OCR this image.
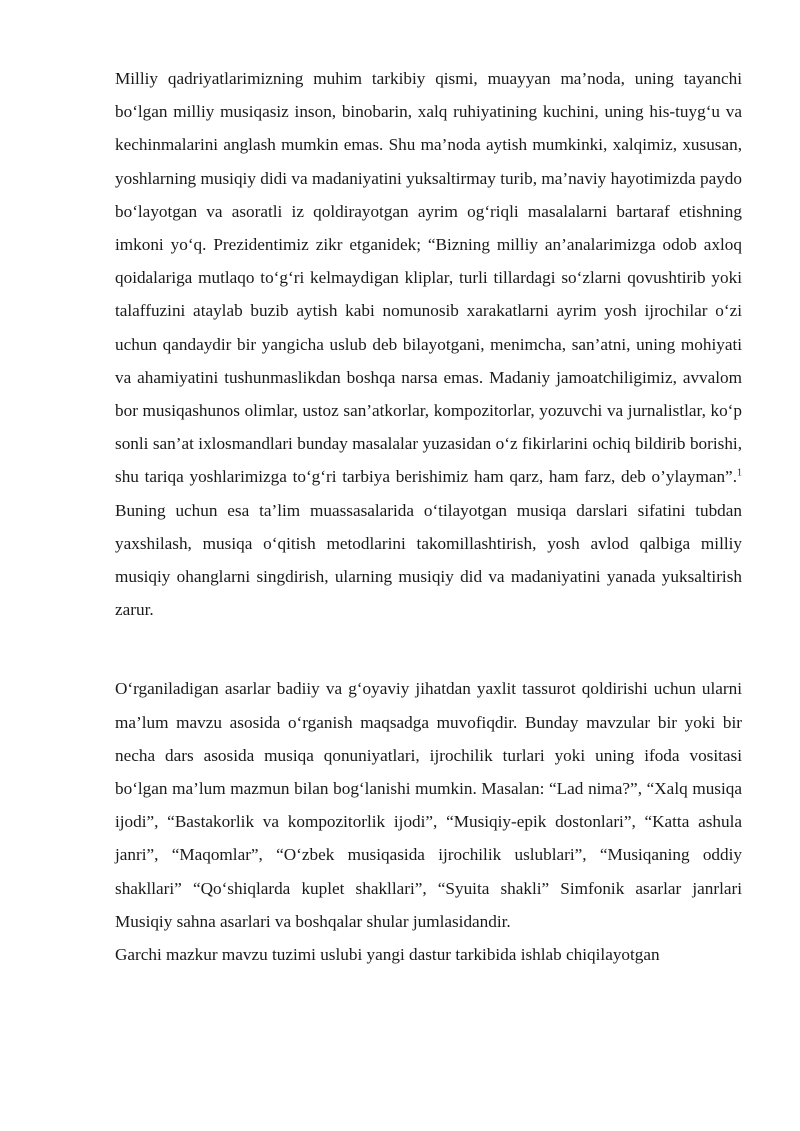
Milliy qadriyatlarimizning muhim tarkibiy qismi, muayyan ma’noda, uning tayanchi bo‘lgan milliy musiqasiz inson, binobarin, xalq ruhiyatining kuchini, uning his-tuyg‘u va kechinmalarini anglash mumkin emas. Shu ma’noda aytish mumkinki, xalqimiz, xususan, yoshlarning musiqiy didi va madaniyatini yuksaltirmay turib, ma’naviy hayotimizda paydo bo‘layotgan va asoratli iz qoldirayotgan ayrim og‘riqli masalalarni bartaraf etishning imkoni yo‘q. Prezidentimiz zikr etganidek; “Bizning milliy an’analarimizga odob axloq qoidalariga mutlaqo to‘g‘ri kelmaydigan kliplar, turli tillardagi so‘zlarni qovushtirib yoki talaffuzini ataylab buzib aytish kabi nomunosib xarakatlarni ayrim yosh ijrochilar o‘zi uchun qandaydir bir yangicha uslub deb bilayotgani, menimcha, san’atni, uning mohiyati va ahamiyatini tushunmaslikdan boshqa narsa emas. Madaniy jamoatchiligimiz, avvalom bor musiqashunos olimlar, ustoz san’atkorlar, kompozitorlar, yozuvchi va jurnalistlar, ko‘p sonli san’at ixlosmandlari bunday masalalar yuzasidan o‘z fikirlarini ochiq bildirib borishi, shu tariqa yoshlarimizga to‘g‘ri tarbiya berishimiz ham qarz, ham farz, deb o’ylayman”.$^1$ Buning uchun esa ta’lim muassasalarida o‘tilayotgan musiqa darslari sifatini tubdan yaxshilash, musiqa o‘qitish metodlarini takomillashtirish, yosh avlod qalbiga milliy musiqiy ohanglarni singdirish, ularning musiqiy did va madaniyatini yanada yuksaltirish zarur.

O‘rganiladigan asarlar badiiy va g‘oyaviy jihatdan yaxlit tassurot qoldirishi uchun ularni ma’lum mavzu asosida o‘rganish maqsadga muvofiqdir. Bunday mavzular bir yoki bir necha dars asosida musiqa qonuniyatlari, ijrochilik turlari yoki uning ifoda vositasi bo‘lgan ma’lum mazmun bilan bog‘lanishi mumkin. Masalan: “Lad nima?”, “Xalq musiqa ijodi”, “Bastakorlik va kompozitorlik ijodi”, “Musiqiy-epik dostonlari”, “Katta ashula janri”, “Maqomlar”, “O‘zbek musiqasida ijrochilik uslublari”, “Musiqaning oddiy shakllari” “Qo‘shiqlarda kuplet shakllari”, “Syuita shakli” Simfonik asarlar janrlari Musiqiy sahna asarlari va boshqalar shular jumlasidandir.

Garchi mazkur mavzu tuzimi uslubi yangi dastur tarkibida ishlab chiqilayotgan
